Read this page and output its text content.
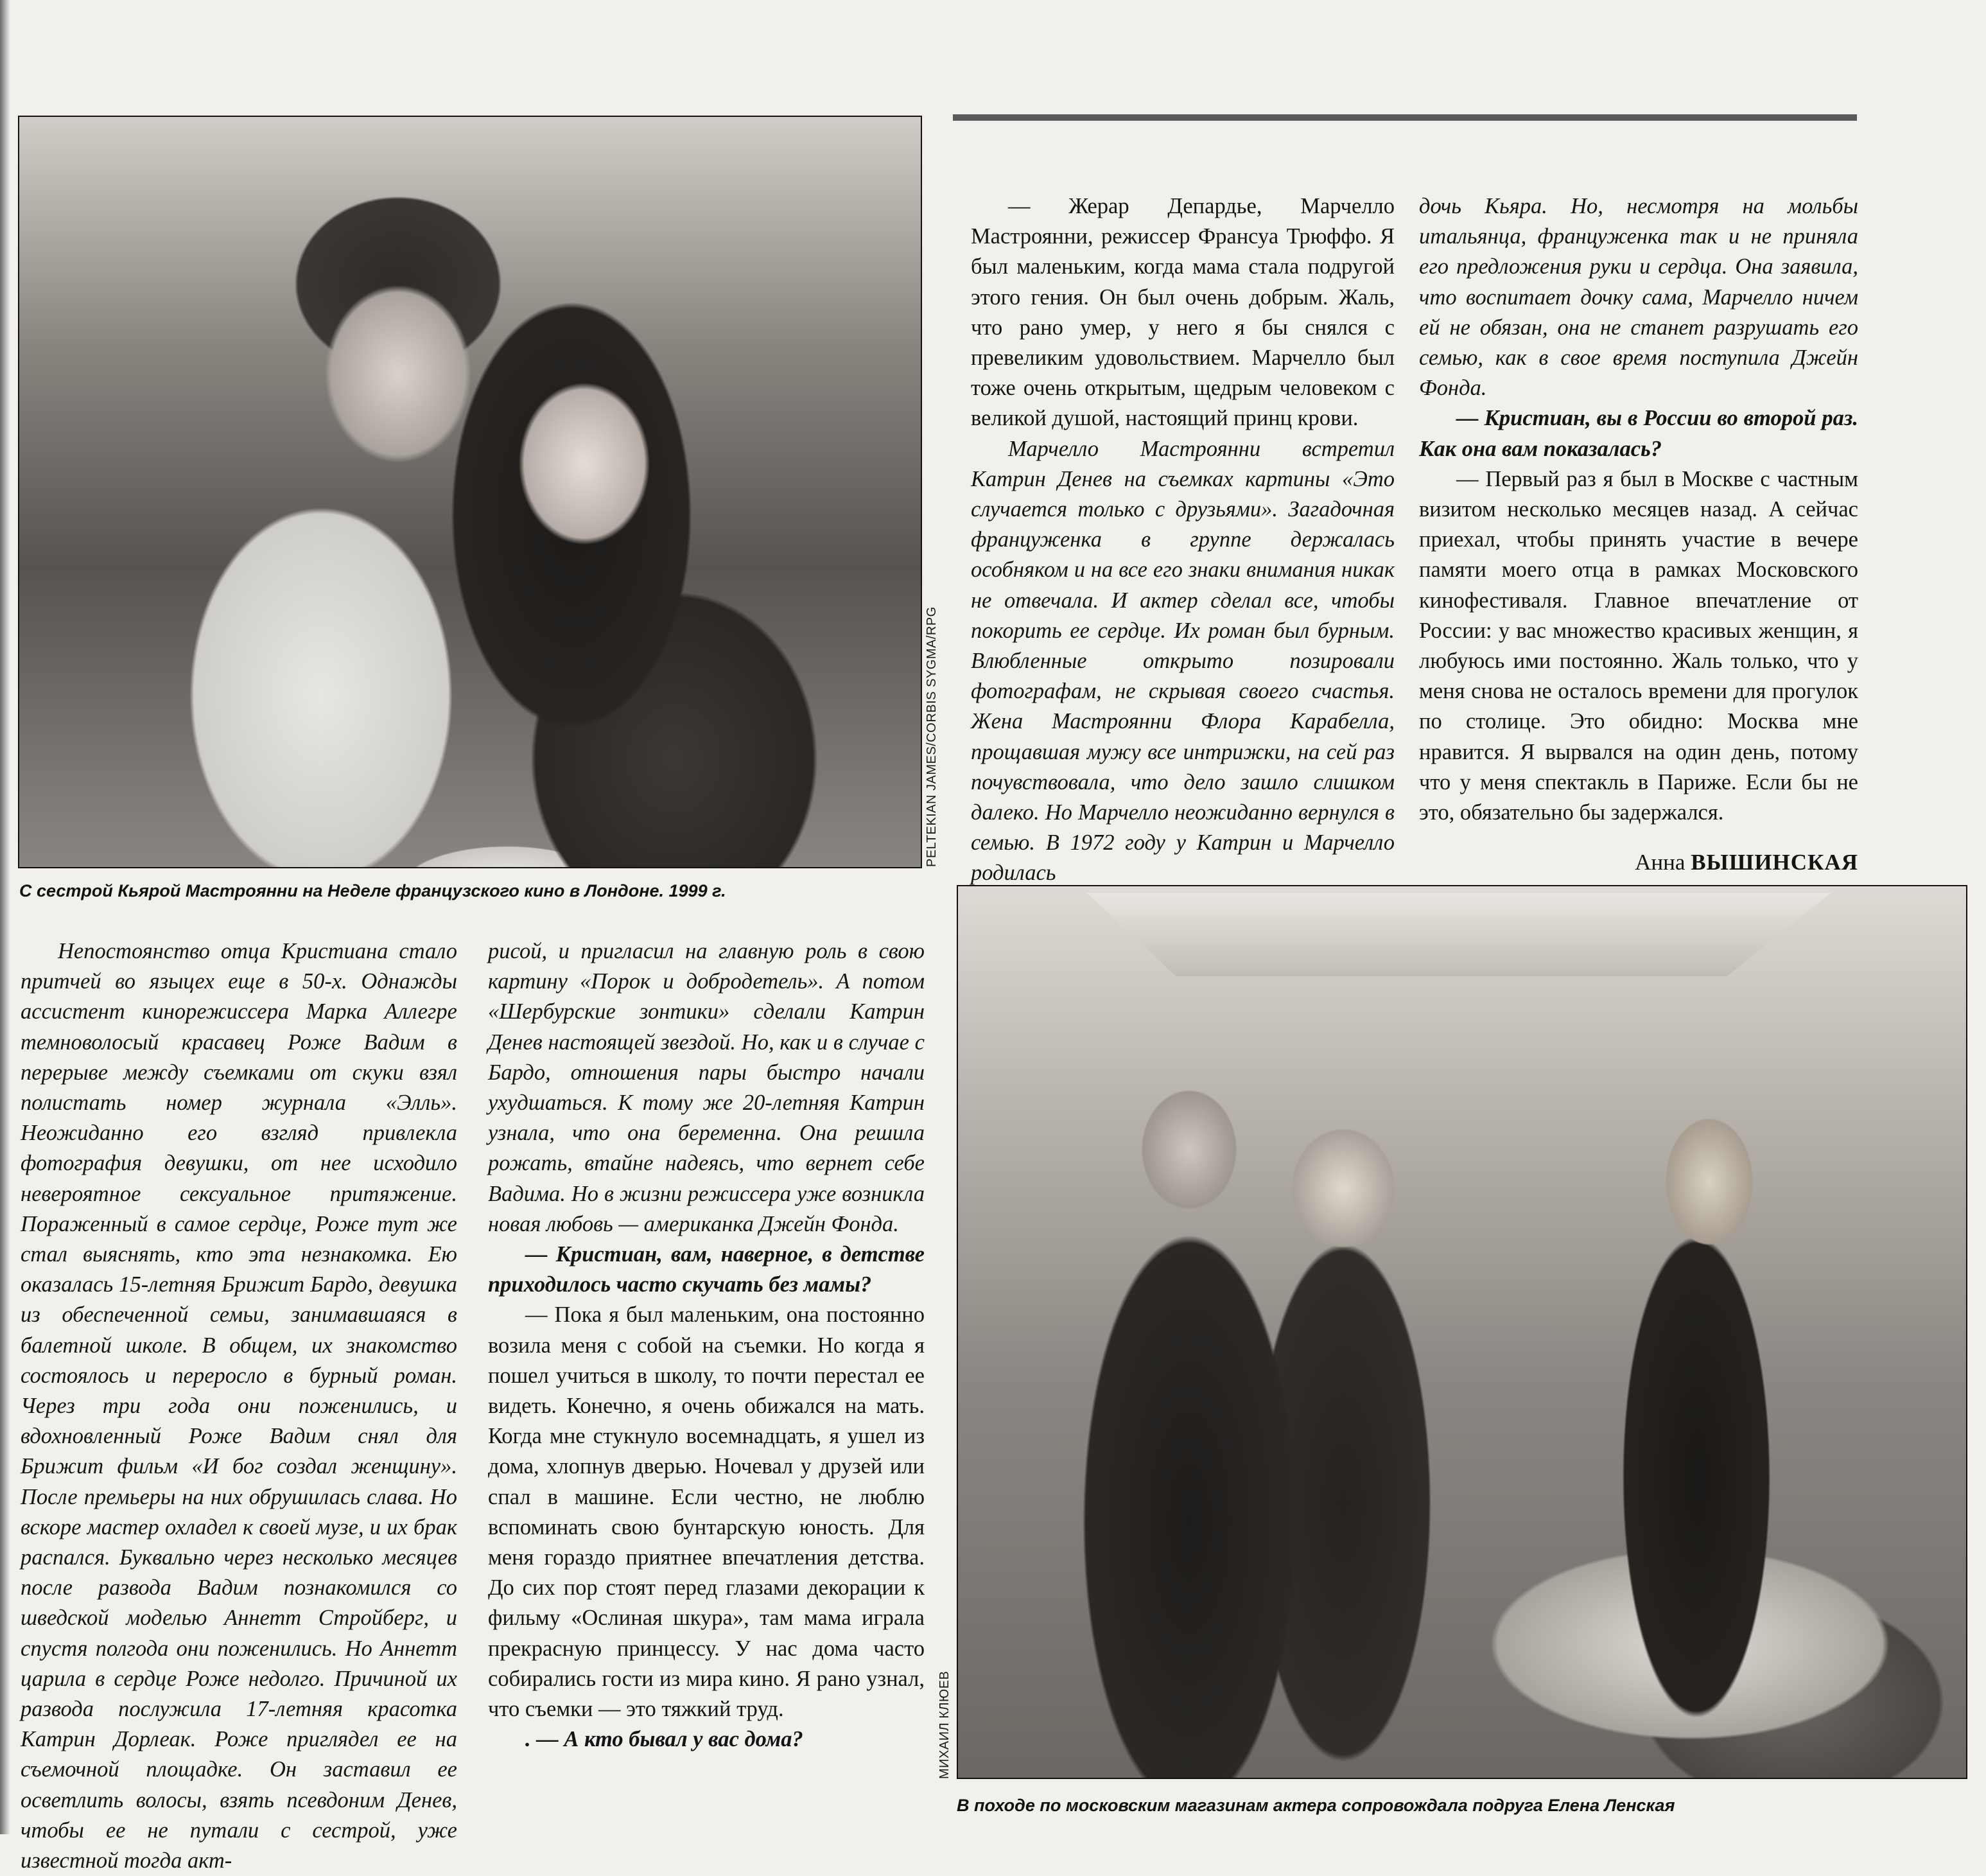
PELTEKIAN JAMES/CORBIS SYGMA/RPG
С сестрой Кьярой Мастроянни на Неделе французского кино в Лондоне. 1999 г.
МИХАИЛ КЛЮЕВ
В походе по московским магазинам актера сопровождала подруга Елена Ленская

— Жерар Депардье, Марчелло Мастроянни, режиссер Франсуа Трюффо. Я был маленьким, когда мама стала подругой этого гения. Он был очень добрым. Жаль, что рано умер, у него я бы снялся с превеликим удовольствием. Марчелло был тоже очень открытым, щедрым человеком с великой душой, настоящий принц крови.

Марчелло Мастроянни встретил Катрин Денев на съемках картины «Это случается только с друзьями». Загадочная француженка в группе держалась особняком и на все его знаки внимания никак не отвечала. И актер сделал все, чтобы покорить ее сердце. Их роман был бурным. Влюбленные открыто позировали фотографам, не скрывая своего счастья. Жена Мастроянни Флора Карабелла, прощавшая мужу все интрижки, на сей раз почувствовала, что дело зашло слишком далеко. Но Марчелло неожиданно вернулся в семью. В 1972 году у Катрин и Марчелло родилась

дочь Кьяра. Но, несмотря на мольбы итальянца, француженка так и не приняла его предложения руки и сердца. Она заявила, что воспитает дочку сама, Марчелло ничем ей не обязан, она не станет разрушать его семью, как в свое время поступила Джейн Фонда.

— Кристиан, вы в России во второй раз. Как она вам показалась?

— Первый раз я был в Москве с частным визитом несколько месяцев назад. А сейчас приехал, чтобы принять участие в вечере памяти моего отца в рамках Московского кинофестиваля. Главное впечатление от России: у вас множество красивых женщин, я любуюсь ими постоянно. Жаль только, что у меня снова не осталось времени для прогулок по столице. Это обидно: Москва мне нравится. Я вырвался на один день, потому что у меня спектакль в Париже. Если бы не это, обязательно бы задержался.

Анна ВЫШИНСКАЯ

Непостоянство отца Кристиана стало притчей во языцех еще в 50-х. Однажды ассистент кинорежиссера Марка Аллегре темноволосый красавец Роже Вадим в перерыве между съемками от скуки взял полистать номер журнала «Элль». Неожиданно его взгляд привлекла фотография девушки, от нее исходило невероятное сексуальное притяжение. Пораженный в самое сердце, Роже тут же стал выяснять, кто эта незнакомка. Ею оказалась 15-летняя Брижит Бардо, девушка из обеспеченной семьи, занимавшаяся в балетной школе. В общем, их знакомство состоялось и переросло в бурный роман. Через три года они поженились, и вдохновленный Роже Вадим снял для Брижит фильм «И бог создал женщину». После премьеры на них обрушилась слава. Но вскоре мастер охладел к своей музе, и их брак распался. Буквально через несколько месяцев после развода Вадим познакомился со шведской моделью Аннетт Стройберг, и спустя полгода они поженились. Но Аннетт царила в сердце Роже недолго. Причиной их развода послужила 17-летняя красотка Катрин Дорлеак. Роже приглядел ее на съемочной площадке. Он заставил ее осветлить волосы, взять псевдоним Денев, чтобы ее не путали с сестрой, уже известной тогда акт-

рисой, и пригласил на главную роль в свою картину «Порок и добродетель». А потом «Шербурские зонтики» сделали Катрин Денев настоящей звездой. Но, как и в случае с Бардо, отношения пары быстро начали ухудшаться. К тому же 20-летняя Катрин узнала, что она беременна. Она решила рожать, втайне надеясь, что вернет себе Вадима. Но в жизни режиссера уже возникла новая любовь — американка Джейн Фонда.

— Кристиан, вам, наверное, в детстве приходилось часто скучать без мамы?

— Пока я был маленьким, она постоянно возила меня с собой на съемки. Но когда я пошел учиться в школу, то почти перестал ее видеть. Конечно, я очень обижался на мать. Когда мне стукнуло восемнадцать, я ушел из дома, хлопнув дверью. Ночевал у друзей или спал в машине. Если честно, не люблю вспоминать свою бунтарскую юность. Для меня гораздо приятнее впечатления детства. До сих пор стоят перед глазами декорации к фильму «Ослиная шкура», там мама играла прекрасную принцессу. У нас дома часто собирались гости из мира кино. Я рано узнал, что съемки — это тяжкий труд.

. — А кто бывал у вас дома?
